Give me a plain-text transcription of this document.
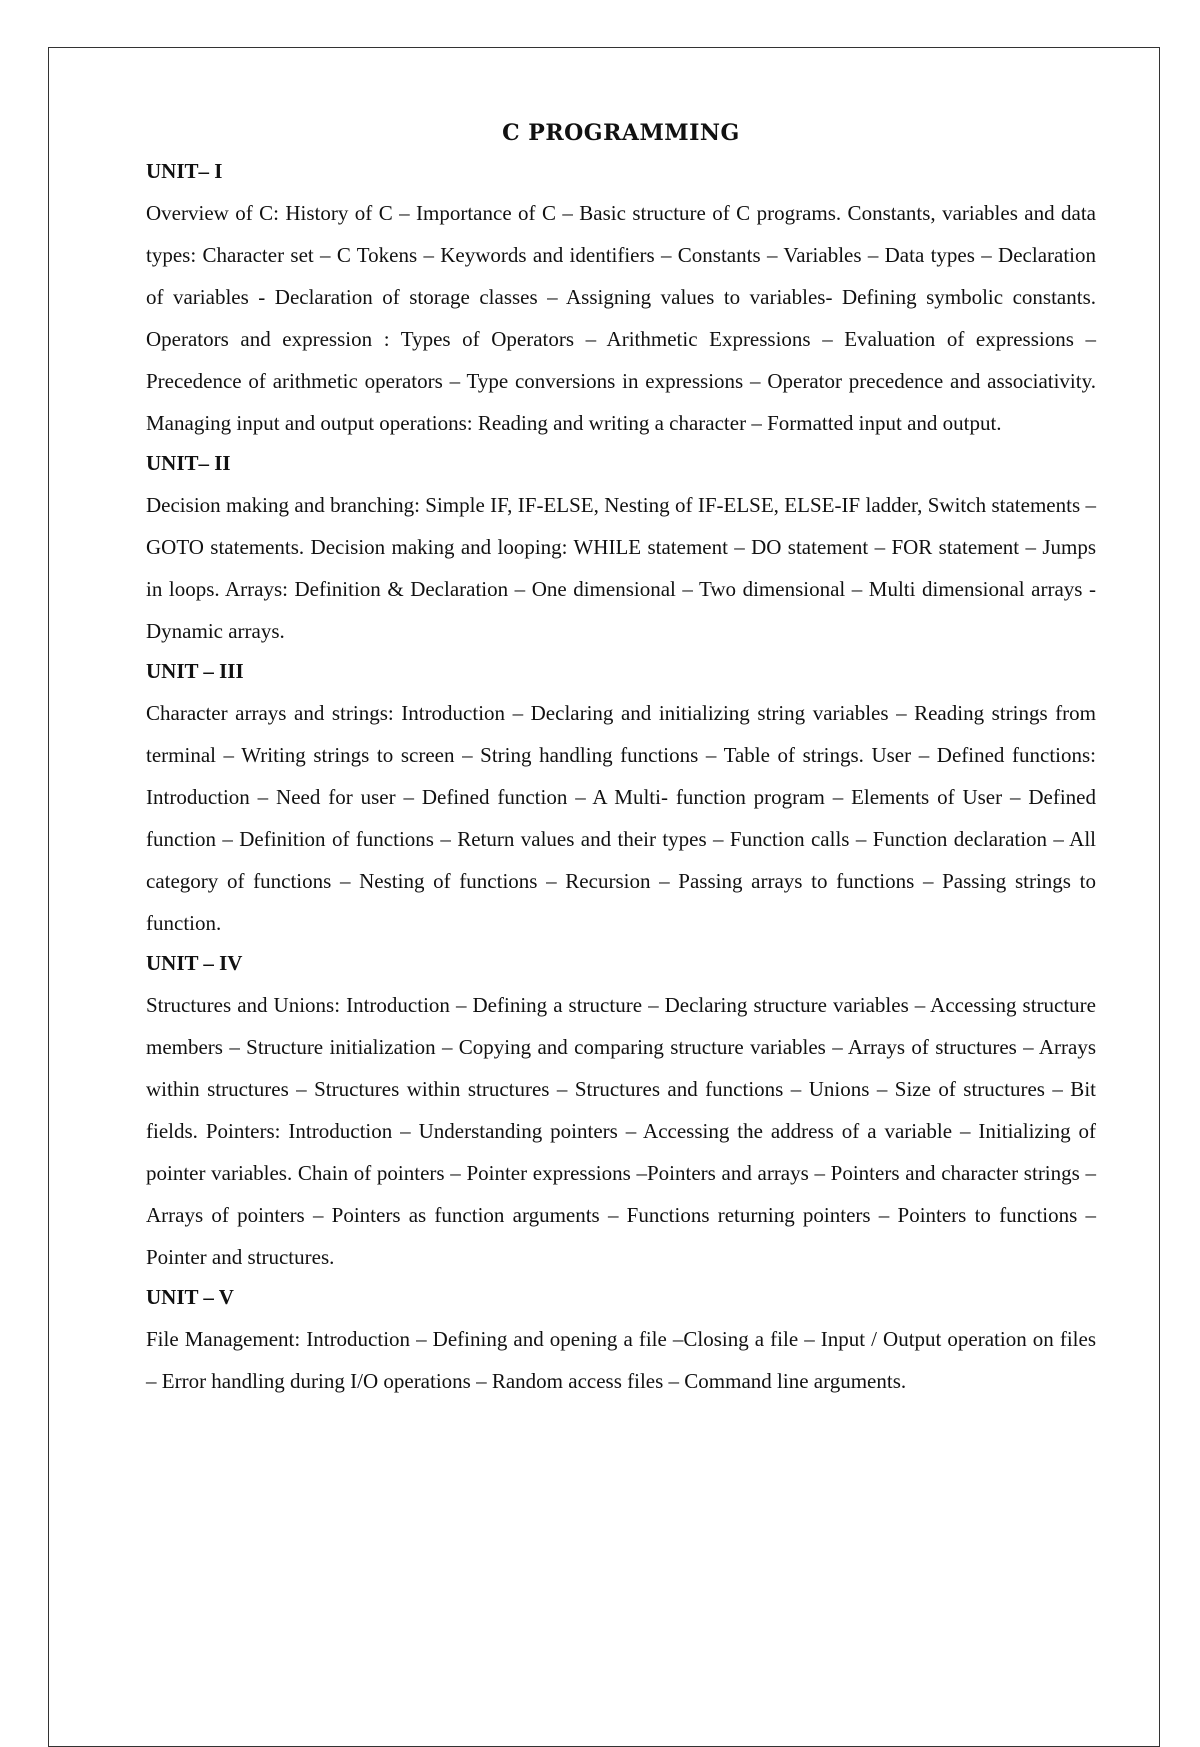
C PROGRAMMING
UNIT– I

Overview of C: History of C – Importance of C – Basic structure of C programs. Constants, variables and data types: Character set – C Tokens – Keywords and identifiers – Constants – Variables – Data types – Declaration of variables - Declaration of storage classes – Assigning values to variables- Defining symbolic constants. Operators and expression : Types of Operators – Arithmetic Expressions – Evaluation of expressions – Precedence of arithmetic operators – Type conversions in expressions – Operator precedence and associativity. Managing input and output operations: Reading and writing a character – Formatted input and output.

UNIT– II

Decision making and branching: Simple IF, IF-ELSE, Nesting of IF-ELSE, ELSE-IF ladder, Switch statements – GOTO statements. Decision making and looping: WHILE statement – DO statement – FOR statement – Jumps in loops. Arrays: Definition & Declaration – One dimensional – Two dimensional – Multi dimensional arrays - Dynamic arrays.

UNIT – III

Character arrays and strings: Introduction – Declaring and initializing string variables – Reading strings from terminal – Writing strings to screen – String handling functions – Table of strings. User – Defined functions: Introduction – Need for user – Defined function – A Multi- function program – Elements of User – Defined function – Definition of functions – Return values and their types – Function calls – Function declaration – All category of functions – Nesting of functions – Recursion – Passing arrays to functions – Passing strings to function.

UNIT – IV

Structures and Unions: Introduction – Defining a structure – Declaring structure variables – Accessing structure members – Structure initialization – Copying and comparing structure variables – Arrays of structures – Arrays within structures – Structures within structures – Structures and functions – Unions – Size of structures – Bit fields. Pointers: Introduction – Understanding pointers – Accessing the address of a variable – Initializing of pointer variables. Chain of pointers – Pointer expressions –Pointers and arrays – Pointers and character strings – Arrays of pointers – Pointers as function arguments – Functions returning pointers – Pointers to functions – Pointer and structures.

UNIT – V

File Management: Introduction – Defining and opening a file –Closing a file – Input / Output operation on files – Error handling during I/O operations – Random access files – Command line arguments.
